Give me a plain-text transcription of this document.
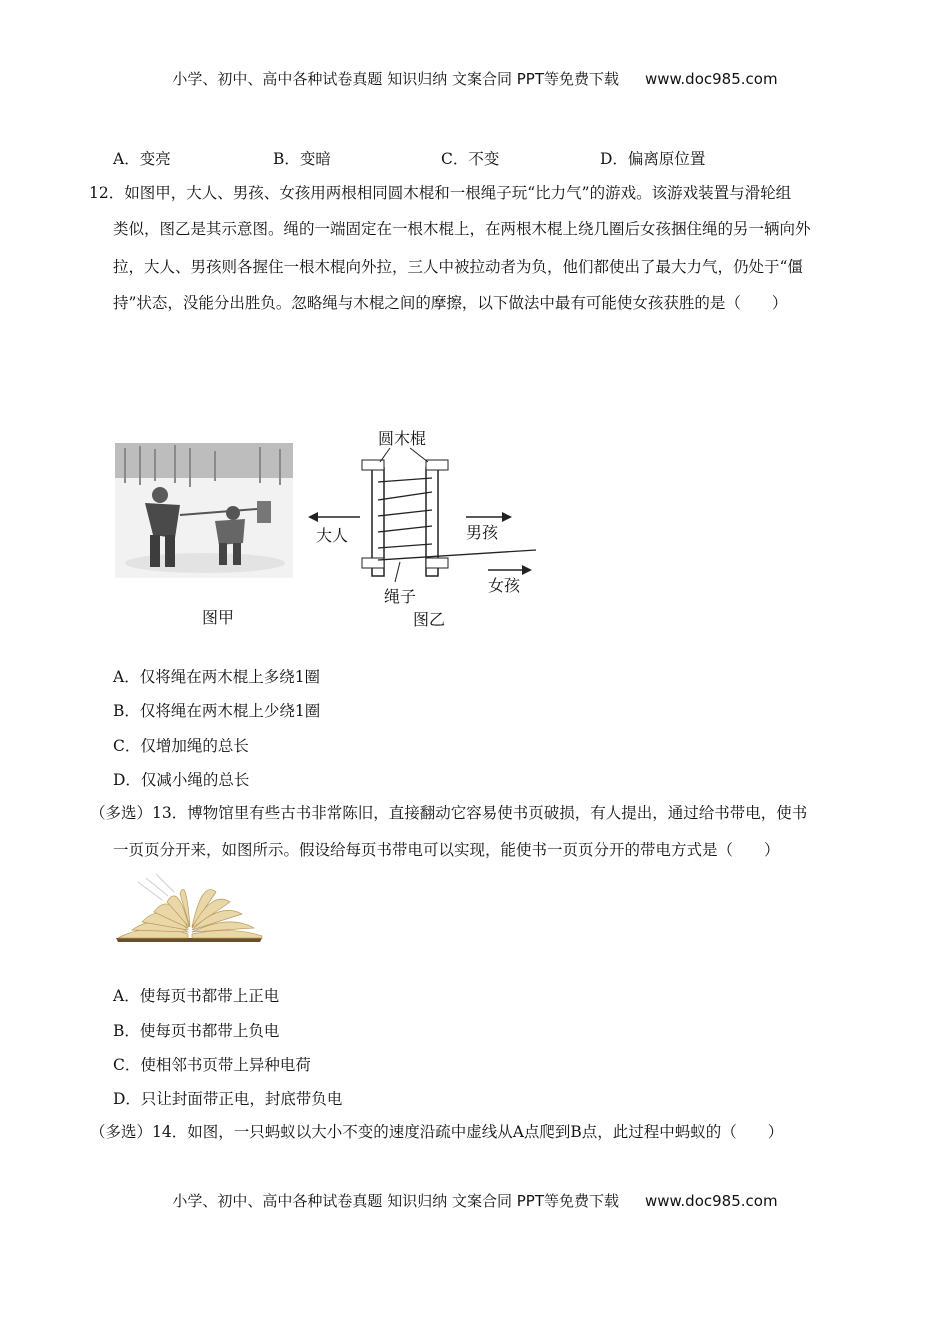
小学、初中、高中各种试卷真题 知识归纳 文案合同 PPT等免费下载 www.doc985.com
A．变亮	B．变暗	C．不变	D．偏离原位置
12．如图甲，大人、男孩、女孩用两根相同圆木棍和一根绳子玩“比力气”的游戏。该游戏装置与滑轮组
类似，图乙是其示意图。绳的一端固定在一根木棍上，在两根木棍上绕几圈后女孩捆住绳的另一辆向外
拉，大人、男孩则各握住一根木棍向外拉，三人中被拉动者为负，他们都使出了最大力气，仍处于“僵
持”状态，没能分出胜负。忽略绳与木棍之间的摩擦，以下做法中最有可能使女孩获胜的是（　　）
图甲
圆木棍
大人	男孩
女孩
绳子
图乙
A．仅将绳在两木棍上多绕1圈
B．仅将绳在两木棍上少绕1圈
C．仅增加绳的总长
D．仅减小绳的总长
（多选）13．博物馆里有些古书非常陈旧，直接翻动它容易使书页破损，有人提出，通过给书带电，使书
一页页分开来，如图所示。假设给每页书带电可以实现，能使书一页页分开的带电方式是（　　）
A．使每页书都带上正电
B．使每页书都带上负电
C．使相邻书页带上异种电荷
D．只让封面带正电，封底带负电
（多选）14．如图，一只蚂蚁以大小不变的速度沿疏中虚线从A点爬到B点，此过程中蚂蚁的（　　）
小学、初中、高中各种试卷真题 知识归纳 文案合同 PPT等免费下载 www.doc985.com
